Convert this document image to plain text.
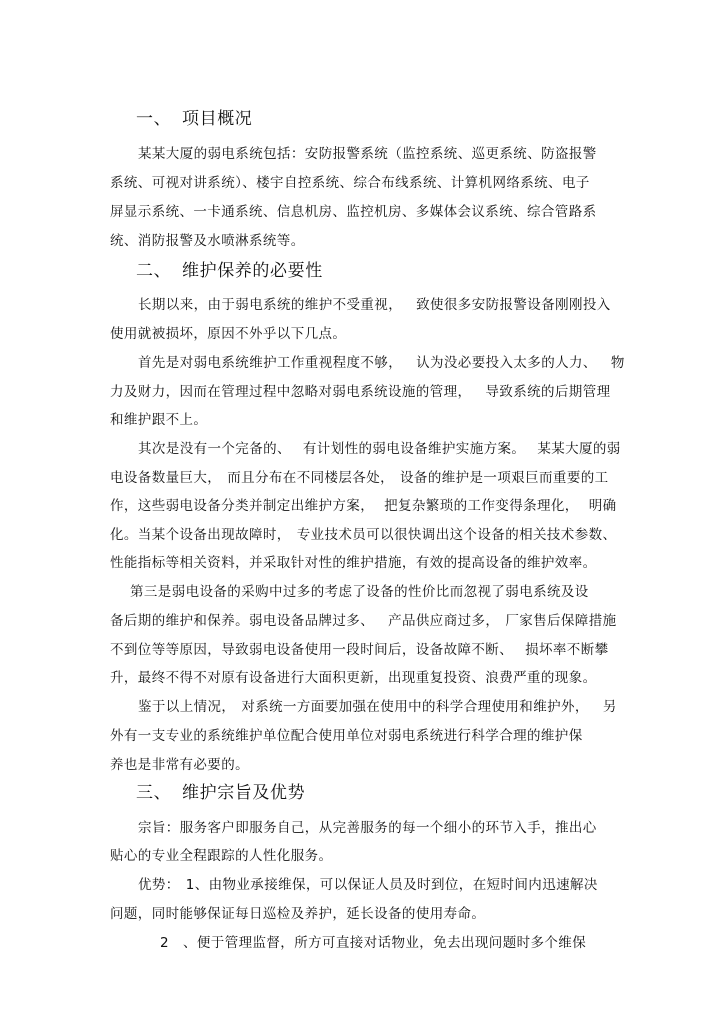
一、 项目概况
某某大厦的弱电系统包括：安防报警系统（监控系统、巡更系统、防盗报警
系统、可视对讲系统）、楼宇自控系统、综合布线系统、计算机网络系统、电子
屏显示系统、一卡通系统、信息机房、监控机房、多媒体会议系统、综合管路系
统、消防报警及水喷淋系统等。
二、 维护保养的必要性
长期以来，由于弱电系统的维护不受重视， 致使很多安防报警设备刚刚投入
使用就被损坏，原因不外乎以下几点。
首先是对弱电系统维护工作重视程度不够， 认为没必要投入太多的人力、 物
力及财力，因而在管理过程中忽略对弱电系统设施的管理， 导致系统的后期管理
和维护跟不上。
其次是没有一个完备的、 有计划性的弱电设备维护实施方案。 某某大厦的弱
电设备数量巨大， 而且分布在不同楼层各处， 设备的维护是一项艰巨而重要的工
作，这些弱电设备分类并制定出维护方案， 把复杂繁琐的工作变得条理化， 明确
化。当某个设备出现故障时， 专业技术员可以很快调出这个设备的相关技术参数、
性能指标等相关资料，并采取针对性的维护措施，有效的提高设备的维护效率。
第三是弱电设备的采购中过多的考虑了设备的性价比而忽视了弱电系统及设
备后期的维护和保养。弱电设备品牌过多、 产品供应商过多， 厂家售后保障措施
不到位等等原因，导致弱电设备使用一段时间后，设备故障不断、 损坏率不断攀
升，最终不得不对原有设备进行大面积更新，出现重复投资、浪费严重的现象。
鉴于以上情况， 对系统一方面要加强在使用中的科学合理使用和维护外， 另
外有一支专业的系统维护单位配合使用单位对弱电系统进行科学合理的维护保
养也是非常有必要的。
三、 维护宗旨及优势
宗旨：服务客户即服务自己，从完善服务的每一个细小的环节入手，推出心
贴心的专业全程跟踪的人性化服务。
优势： 1、由物业承接维保，可以保证人员及时到位，在短时间内迅速解决
问题，同时能够保证每日巡检及养护，延长设备的使用寿命。
2 、便于管理监督，所方可直接对话物业，免去出现问题时多个维保
